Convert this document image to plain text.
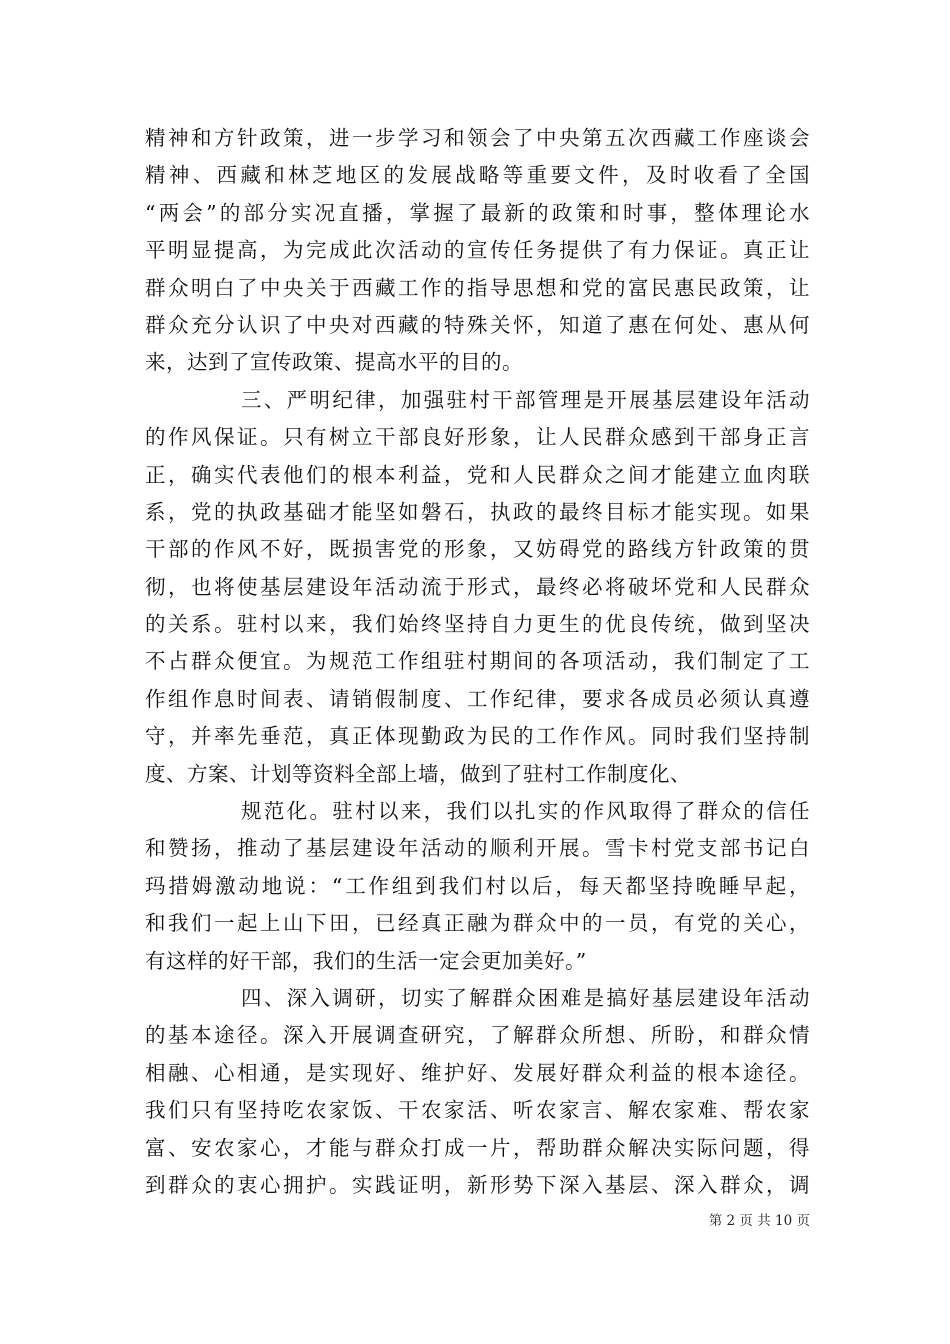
精神和方针政策，进一步学习和领会了中央第五次西藏工作座谈会
精神、西藏和林芝地区的发展战略等重要文件，及时收看了全国
“两会”的部分实况直播，掌握了最新的政策和时事，整体理论水
平明显提高，为完成此次活动的宣传任务提供了有力保证。真正让
群众明白了中央关于西藏工作的指导思想和党的富民惠民政策，让
群众充分认识了中央对西藏的特殊关怀，知道了惠在何处、惠从何
来，达到了宣传政策、提高水平的目的。
三、严明纪律，加强驻村干部管理是开展基层建设年活动
的作风保证。只有树立干部良好形象，让人民群众感到干部身正言
正，确实代表他们的根本利益，党和人民群众之间才能建立血肉联
系，党的执政基础才能坚如磐石，执政的最终目标才能实现。如果
干部的作风不好，既损害党的形象，又妨碍党的路线方针政策的贯
彻，也将使基层建设年活动流于形式，最终必将破坏党和人民群众
的关系。驻村以来，我们始终坚持自力更生的优良传统，做到坚决
不占群众便宜。为规范工作组驻村期间的各项活动，我们制定了工
作组作息时间表、请销假制度、工作纪律，要求各成员必须认真遵
守，并率先垂范，真正体现勤政为民的工作作风。同时我们坚持制
度、方案、计划等资料全部上墙，做到了驻村工作制度化、
规范化。驻村以来，我们以扎实的作风取得了群众的信任
和赞扬，推动了基层建设年活动的顺利开展。雪卡村党支部书记白
玛措姆激动地说：“工作组到我们村以后，每天都坚持晚睡早起，
和我们一起上山下田，已经真正融为群众中的一员，有党的关心，
有这样的好干部，我们的生活一定会更加美好。”
四、深入调研，切实了解群众困难是搞好基层建设年活动
的基本途径。深入开展调查研究，了解群众所想、所盼，和群众情
相融、心相通，是实现好、维护好、发展好群众利益的根本途径。
我们只有坚持吃农家饭、干农家活、听农家言、解农家难、帮农家
富、安农家心，才能与群众打成一片，帮助群众解决实际问题，得
到群众的衷心拥护。实践证明，新形势下深入基层、深入群众，调
第 2 页 共 10 页
